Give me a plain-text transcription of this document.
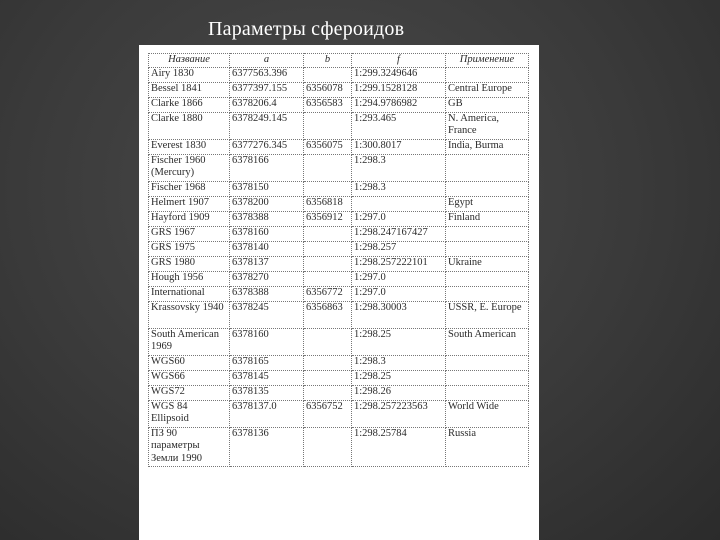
Параметры сфероидов
Название	a	b	f	Применение
Airy 1830	6377563.396		1:299.3249646	
Bessel 1841	6377397.155	6356078	1:299.1528128	Central Europe
Clarke 1866	6378206.4	6356583	1:294.9786982	GB
Clarke 1880	6378249.145		1:293.465	N. America, France
Everest 1830	6377276.345	6356075	1:300.8017	India, Burma
Fischer 1960 (Mercury)	6378166		1:298.3	
Fischer 1968	6378150		1:298.3	
Helmert 1907	6378200	6356818		Egypt
Hayford 1909	6378388	6356912	1:297.0	Finland
GRS 1967	6378160		1:298.247167427	
GRS 1975	6378140		1:298.257	
GRS 1980	6378137		1:298.257222101	Ukraine
Hough 1956	6378270		1:297.0	
International	6378388	6356772	1:297.0	
Krassovsky 1940	6378245	6356863	1:298.30003	USSR, E. Europe
South American 1969	6378160		1:298.25	South American
WGS60	6378165		1:298.3	
WGS66	6378145		1:298.25	
WGS72	6378135		1:298.26	
WGS 84 Ellipsoid	6378137.0	6356752	1:298.257223563	World Wide
ПЗ 90 параметры Земли 1990	6378136		1:298.25784	Russia
